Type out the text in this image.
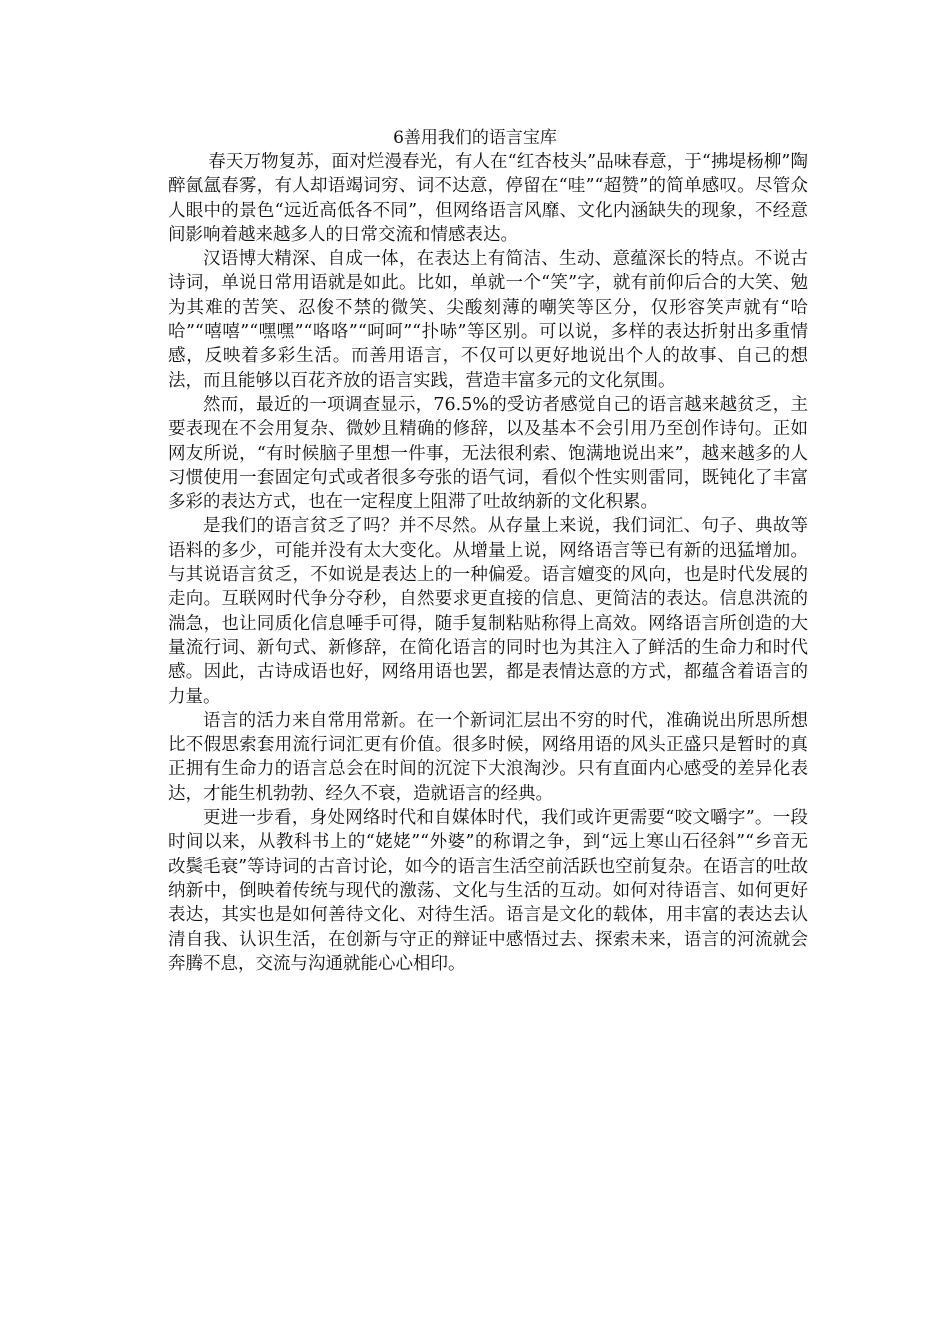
6善用我们的语言宝库

春天万物复苏，面对烂漫春光，有人在“红杏枝头”品味春意，于“拂堤杨柳”陶醉氤氲春雾，有人却语竭词穷、词不达意，停留在“哇”“超赞”的简单感叹。尽管众人眼中的景色“远近高低各不同”，但网络语言风靡、文化内涵缺失的现象，不经意间影响着越来越多人的日常交流和情感表达。

汉语博大精深、自成一体，在表达上有简洁、生动、意蕴深长的特点。不说古诗词，单说日常用语就是如此。比如，单就一个“笑”字，就有前仰后合的大笑、勉为其难的苦笑、忍俊不禁的微笑、尖酸刻薄的嘲笑等区分，仅形容笑声就有“哈哈”“嘻嘻”“嘿嘿”“咯咯”“呵呵”“扑哧”等区别。可以说，多样的表达折射出多重情感，反映着多彩生活。而善用语言，不仅可以更好地说出个人的故事、自己的想法，而且能够以百花齐放的语言实践，营造丰富多元的文化氛围。

然而，最近的一项调查显示，76.5%的受访者感觉自己的语言越来越贫乏，主要表现在不会用复杂、微妙且精确的修辞，以及基本不会引用乃至创作诗句。正如网友所说，“有时候脑子里想一件事，无法很利索、饱满地说出来”，越来越多的人习惯使用一套固定句式或者很多夸张的语气词，看似个性实则雷同，既钝化了丰富多彩的表达方式，也在一定程度上阻滞了吐故纳新的文化积累。

是我们的语言贫乏了吗？并不尽然。从存量上来说，我们词汇、句子、典故等语料的多少，可能并没有太大变化。从增量上说，网络语言等已有新的迅猛增加。与其说语言贫乏，不如说是表达上的一种偏爱。语言嬗变的风向，也是时代发展的走向。互联网时代争分夺秒，自然要求更直接的信息、更简洁的表达。信息洪流的湍急，也让同质化信息唾手可得，随手复制粘贴称得上高效。网络语言所创造的大量流行词、新句式、新修辞，在简化语言的同时也为其注入了鲜活的生命力和时代感。因此，古诗成语也好，网络用语也罢，都是表情达意的方式，都蕴含着语言的力量。

语言的活力来自常用常新。在一个新词汇层出不穷的时代，准确说出所思所想比不假思索套用流行词汇更有价值。很多时候，网络用语的风头正盛只是暂时的真正拥有生命力的语言总会在时间的沉淀下大浪淘沙。只有直面内心感受的差异化表达，才能生机勃勃、经久不衰，造就语言的经典。

更进一步看，身处网络时代和自媒体时代，我们或许更需要“咬文嚼字”。一段时间以来，从教科书上的“姥姥”“外婆”的称谓之争，到“远上寒山石径斜”“乡音无改鬓毛衰”等诗词的古音讨论，如今的语言生活空前活跃也空前复杂。在语言的吐故纳新中，倒映着传统与现代的激荡、文化与生活的互动。如何对待语言、如何更好表达，其实也是如何善待文化、对待生活。语言是文化的载体，用丰富的表达去认清自我、认识生活，在创新与守正的辩证中感悟过去、探索未来，语言的河流就会奔腾不息，交流与沟通就能心心相印。
